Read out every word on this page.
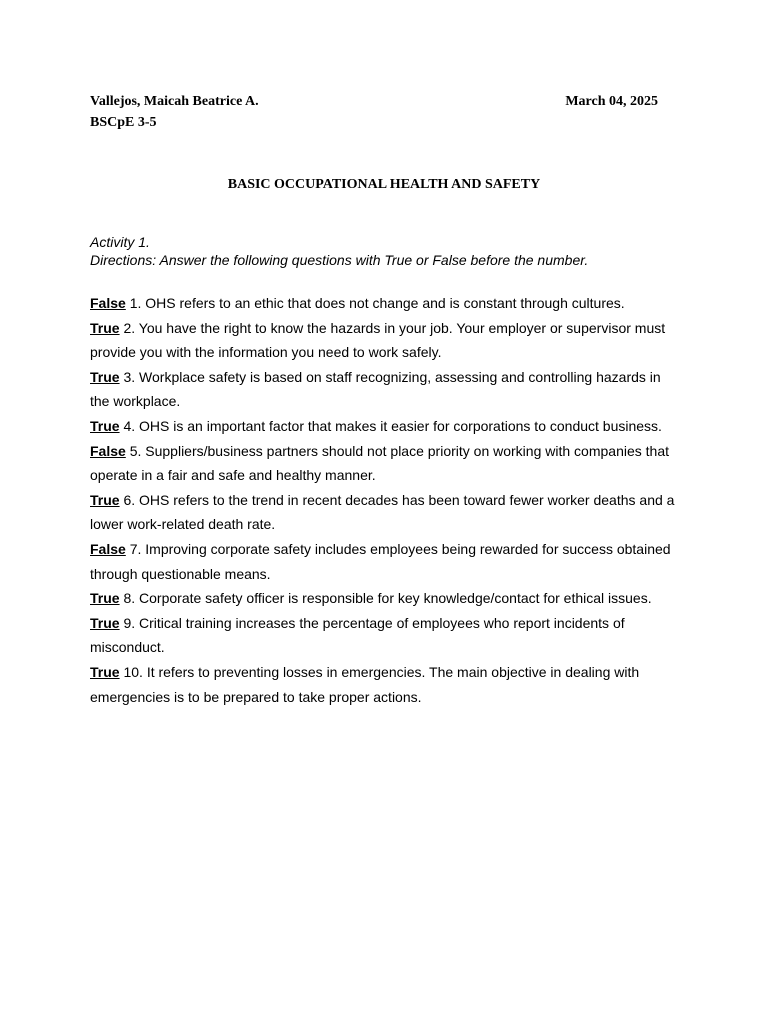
Vallejos, Maicah Beatrice A.	March 04, 2025
BSCpE 3-5
BASIC OCCUPATIONAL HEALTH AND SAFETY
Activity 1.
Directions: Answer the following questions with True or False before the number.
False 1. OHS refers to an ethic that does not change and is constant through cultures.
True 2. You have the right to know the hazards in your job. Your employer or supervisor must provide you with the information you need to work safely.
True 3. Workplace safety is based on staff recognizing, assessing and controlling hazards in the workplace.
True 4. OHS is an important factor that makes it easier for corporations to conduct business.
False 5. Suppliers/business partners should not place priority on working with companies that operate in a fair and safe and healthy manner.
True 6. OHS refers to the trend in recent decades has been toward fewer worker deaths and a lower work-related death rate.
False 7. Improving corporate safety includes employees being rewarded for success obtained through questionable means.
True 8. Corporate safety officer is responsible for key knowledge/contact for ethical issues.
True 9. Critical training increases the percentage of employees who report incidents of misconduct.
True 10. It refers to preventing losses in emergencies. The main objective in dealing with emergencies is to be prepared to take proper actions.
